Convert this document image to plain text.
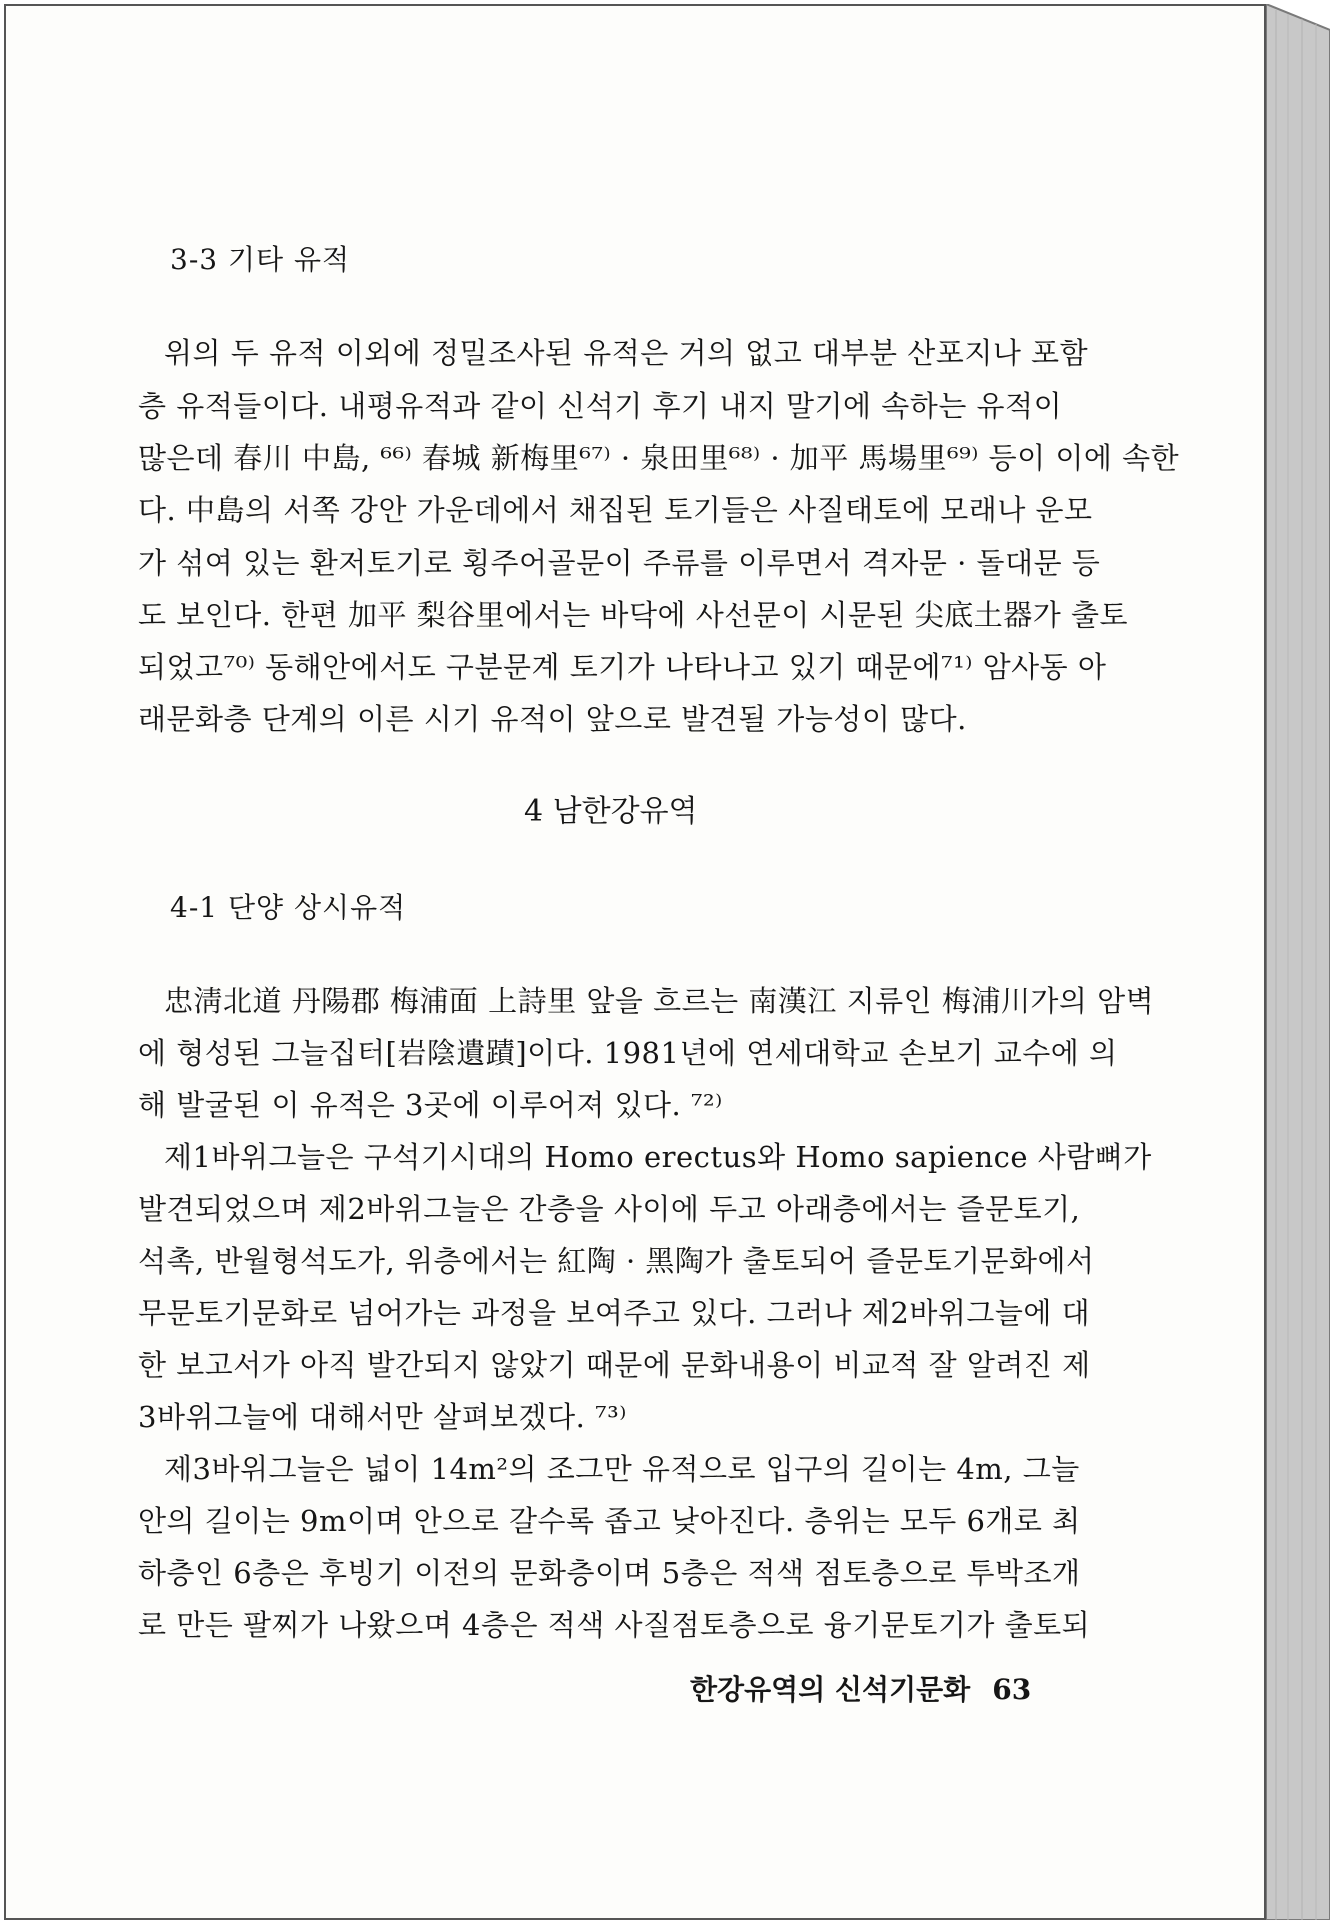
3-3 기타 유적
위의 두 유적 이외에 정밀조사된 유적은 거의 없고 대부분 산포지나 포함
층 유적들이다. 내평유적과 같이 신석기 후기 내지 말기에 속하는 유적이
많은데 春川 中島, ⁶⁶⁾ 春城 新梅里⁶⁷⁾ · 泉田里⁶⁸⁾ · 加平 馬場里⁶⁹⁾ 등이 이에 속한
다. 中島의 서쪽 강안 가운데에서 채집된 토기들은 사질태토에 모래나 운모
가 섞여 있는 환저토기로 횡주어골문이 주류를 이루면서 격자문 · 돌대문 등
도 보인다. 한편 加平 梨谷里에서는 바닥에 사선문이 시문된 尖底土器가 출토
되었고⁷⁰⁾ 동해안에서도 구분문계 토기가 나타나고 있기 때문에⁷¹⁾ 암사동 아
래문화층 단계의 이른 시기 유적이 앞으로 발견될 가능성이 많다.
4 남한강유역
4-1 단양 상시유적
忠淸北道 丹陽郡 梅浦面 上詩里 앞을 흐르는 南漢江 지류인 梅浦川가의 암벽
에 형성된 그늘집터[岩陰遺蹟]이다. 1981년에 연세대학교 손보기 교수에 의
해 발굴된 이 유적은 3곳에 이루어져 있다. ⁷²⁾
제1바위그늘은 구석기시대의 Homo erectus와 Homo sapience 사람뼈가
발견되었으며 제2바위그늘은 간층을 사이에 두고 아래층에서는 즐문토기,
석촉, 반월형석도가, 위층에서는 紅陶 · 黑陶가 출토되어 즐문토기문화에서
무문토기문화로 넘어가는 과정을 보여주고 있다. 그러나 제2바위그늘에 대
한 보고서가 아직 발간되지 않았기 때문에 문화내용이 비교적 잘 알려진 제
3바위그늘에 대해서만 살펴보겠다. ⁷³⁾
제3바위그늘은 넓이 14m²의 조그만 유적으로 입구의 길이는 4m, 그늘
안의 길이는 9m이며 안으로 갈수록 좁고 낮아진다. 층위는 모두 6개로 최
하층인 6층은 후빙기 이전의 문화층이며 5층은 적색 점토층으로 투박조개
로 만든 팔찌가 나왔으며 4층은 적색 사질점토층으로 융기문토기가 출토되
한강유역의 신석기문화 63
